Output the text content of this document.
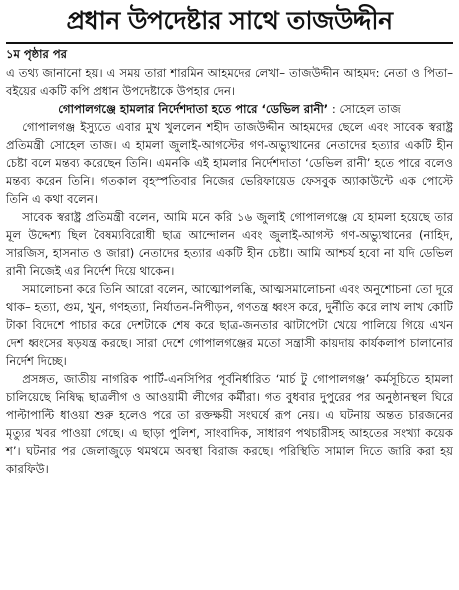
প্রধান উপদেষ্টার সাথে তাজউদ্দীন
১ম পৃষ্ঠার পর

এ তথ্য জানানো হয়। এ সময় তারা শারমিন আহমদের লেখা– তাজউদ্দীন আহমদ: নেতা ও পিতা– বইয়ের একটি কপি প্রধান উপদেষ্টাকে উপহার দেন।

গোপালগঞ্জে হামলার নির্দেশদাতা হতে পারে ‘ডেভিল রানী’ : সোহেল তাজ

গোপালগঞ্জ ইস্যুতে এবার মুখ খুললেন শহীদ তাজউদ্দীন আহমদের ছেলে এবং সাবেক স্বরাষ্ট্র প্রতিমন্ত্রী সোহেল তাজ। এ হামলা জুলাই-আগস্টের গণ-অভ্যুত্থানের নেতাদের হত্যার একটি হীন চেষ্টা বলে মন্তব্য করেছেন তিনি। এমনকি এই হামলার নির্দেশদাতা ‘ডেভিল রানী’ হতে পারে বলেও মন্তব্য করেন তিনি। গতকাল বৃহস্পতিবার নিজের ভেরিফায়েড ফেসবুক অ্যাকাউন্টে এক পোস্টে তিনি এ কথা বলেন।

সাবেক স্বরাষ্ট্র প্রতিমন্ত্রী বলেন, আমি মনে করি ১৬ জুলাই গোপালগঞ্জে যে হামলা হয়েছে তার মূল উদ্দেশ্য ছিল বৈষম্যবিরোধী ছাত্র আন্দোলন এবং জুলাই-আগস্ট গণ-অভ্যুত্থানের (নাহিদ, সারজিস, হাসনাত ও জারা) নেতাদের হত্যার একটি হীন চেষ্টা। আমি আশ্চর্য হবো না যদি ডেভিল রানী নিজেই এর নির্দেশ দিয়ে থাকেন।

সমালোচনা করে তিনি আরো বলেন, আত্মোপলব্ধি, আত্মসমালোচনা এবং অনুশোচনা তো দূরে থাক– হত্যা, গুম, খুন, গণহত্যা, নির্যাতন-নিপীড়ন, গণতন্ত্র ধ্বংস করে, দুর্নীতি করে লাখ লাখ কোটি টাকা বিদেশে পাচার করে দেশটাকে শেষ করে ছাত্র-জনতার ঝাটাপেটা খেয়ে পালিয়ে গিয়ে এখন দেশ ধ্বংসের ষড়যন্ত্র করছে। সারা দেশে গোপালগঞ্জের মতো সন্ত্রাসী কায়দায় কার্যকলাপ চালানোর নির্দেশ দিচ্ছে।

প্রসঙ্গত, জাতীয় নাগরিক পার্টি-এনসিপির পূর্বনির্ধারিত ‘মার্চ টু গোপালগঞ্জ’ কর্মসূচিতে হামলা চালিয়েছে নিষিদ্ধ ছাত্রলীগ ও আওয়ামী লীগের কর্মীরা। গত বুধবার দুপুরের পর অনুষ্ঠানস্থল ঘিরে পাল্টাপাল্টি ধাওয়া শুরু হলেও পরে তা রক্তক্ষয়ী সংঘর্ষে রূপ নেয়। এ ঘটনায় অন্তত চারজনের মৃত্যুর খবর পাওয়া গেছে। এ ছাড়া পুলিশ, সাংবাদিক, সাধারণ পথচারীসহ আহতের সংখ্যা কয়েক শ’। ঘটনার পর জেলাজুড়ে থমথমে অবস্থা বিরাজ করছে। পরিস্থিতি সামাল দিতে জারি করা হয় কারফিউ।
